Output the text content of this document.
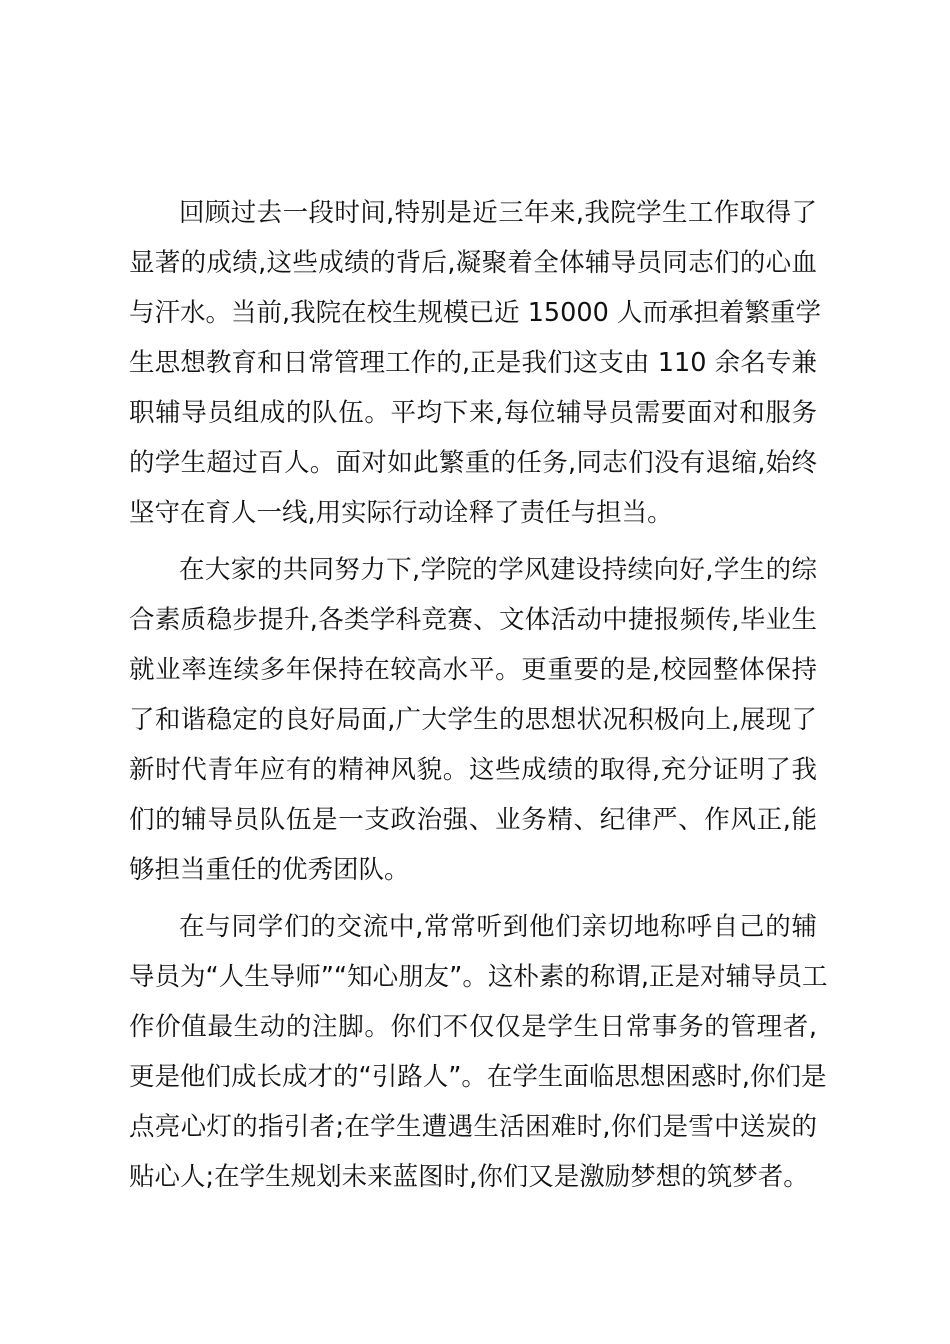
回顾过去一段时间,特别是近三年来,我院学生工作取得了
显著的成绩,这些成绩的背后,凝聚着全体辅导员同志们的心血
与汗水。当前,我院在校生规模已近 15000 人而承担着繁重学
生思想教育和日常管理工作的,正是我们这支由 110 余名专兼
职辅导员组成的队伍。平均下来,每位辅导员需要面对和服务
的学生超过百人。面对如此繁重的任务,同志们没有退缩,始终
坚守在育人一线,用实际行动诠释了责任与担当。
在大家的共同努力下,学院的学风建设持续向好,学生的综
合素质稳步提升,各类学科竞赛、文体活动中捷报频传,毕业生
就业率连续多年保持在较高水平。更重要的是,校园整体保持
了和谐稳定的良好局面,广大学生的思想状况积极向上,展现了
新时代青年应有的精神风貌。这些成绩的取得,充分证明了我
们的辅导员队伍是一支政治强、业务精、纪律严、作风正,能
够担当重任的优秀团队。
在与同学们的交流中,常常听到他们亲切地称呼自己的辅
导员为“人生导师”“知心朋友”。这朴素的称谓,正是对辅导员工
作价值最生动的注脚。你们不仅仅是学生日常事务的管理者,
更是他们成长成才的“引路人”。在学生面临思想困惑时,你们是
点亮心灯的指引者;在学生遭遇生活困难时,你们是雪中送炭的
贴心人;在学生规划未来蓝图时,你们又是激励梦想的筑梦者。
